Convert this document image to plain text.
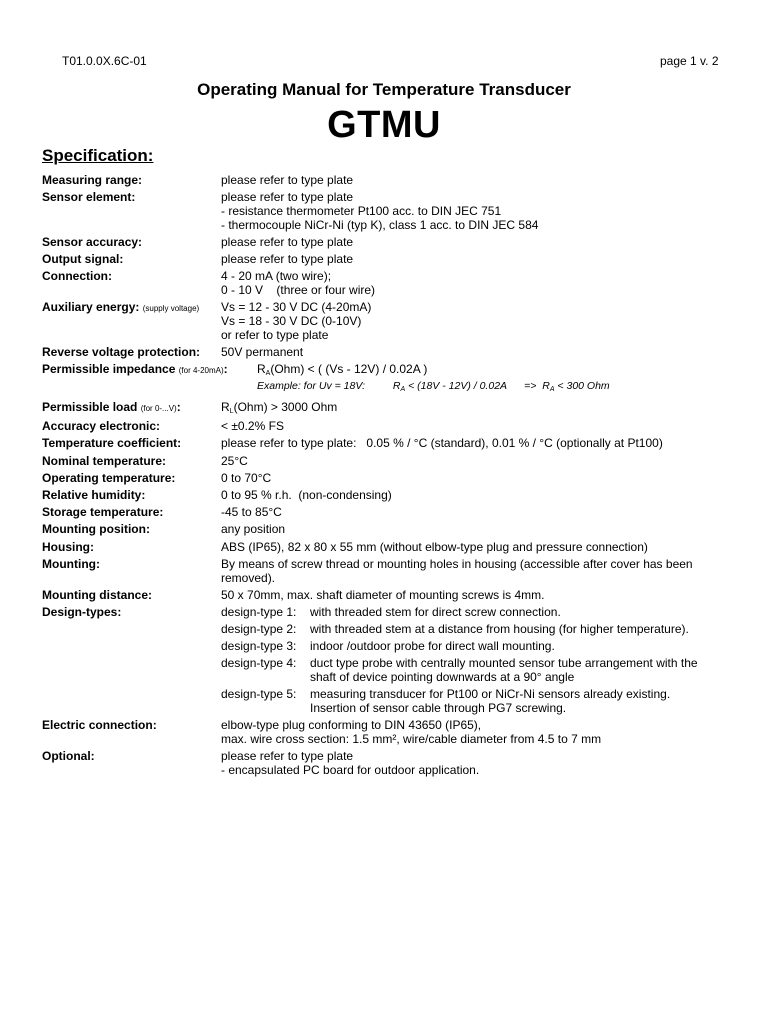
T01.0.0X.6C-01	page 1 v. 2
Operating Manual for Temperature Transducer
GTMU
Specification:
Measuring range:	please refer to type plate
Sensor element:	please refer to type plate
- resistance thermometer Pt100 acc. to DIN JEC 751
- thermocouple NiCr-Ni (typ K), class 1 acc. to DIN JEC 584
Sensor accuracy:	please refer to type plate
Output signal:	please refer to type plate
Connection:	4 - 20 mA (two wire);
0 - 10 V    (three or four wire)
Auxiliary energy: (supply voltage) Vs = 12 - 30 V DC (4-20mA)
Vs = 18 - 30 V DC (0-10V)
or refer to type plate
Reverse voltage protection: 50V permanent
Permissible impedance (for 4-20mA): $R_A(Ohm)$ < ( (Vs - 12V) / 0.02A )
Example: for Uv = 18V:	$R_A < (18V - 12V) / 0.02A$      =>  $R_A < 300$ Ohm
Permissible load (for 0-...V):	$R_L(Ohm) > 3000$ Ohm
Accuracy electronic:	< ±0.2% FS
Temperature coefficient:	please refer to type plate:   0.05 % / °C (standard), 0.01 % / °C (optionally at Pt100)
Nominal temperature:	25°C
Operating temperature:	0 to 70°C
Relative humidity:	0 to 95 % r.h.  (non-condensing)
Storage temperature:	-45 to 85°C
Mounting position:	any position
Housing:	ABS (IP65), 82 x 80 x 55 mm (without elbow-type plug and pressure connection)
Mounting:	By means of screw thread or mounting holes in housing (accessible after cover has been
removed).
Mounting distance:	50 x 70mm, max. shaft diameter of mounting screws is 4mm.
Design-types:	design-type 1: with threaded stem for direct screw connection.
design-type 2: with threaded stem at a distance from housing (for higher temperature).
design-type 3: indoor /outdoor probe for direct wall mounting.
design-type 4: duct type probe with centrally mounted sensor tube arrangement with the shaft of device pointing downwards at a 90° angle
design-type 5: measuring transducer for Pt100 or NiCr-Ni sensors already existing. Insertion of sensor cable through PG7 screwing.
Electric connection:	elbow-type plug conforming to DIN 43650 (IP65),
max. wire cross section: 1.5 mm², wire/cable diameter from 4.5 to 7 mm
Optional:	please refer to type plate
- encapsulated PC board for outdoor application.
